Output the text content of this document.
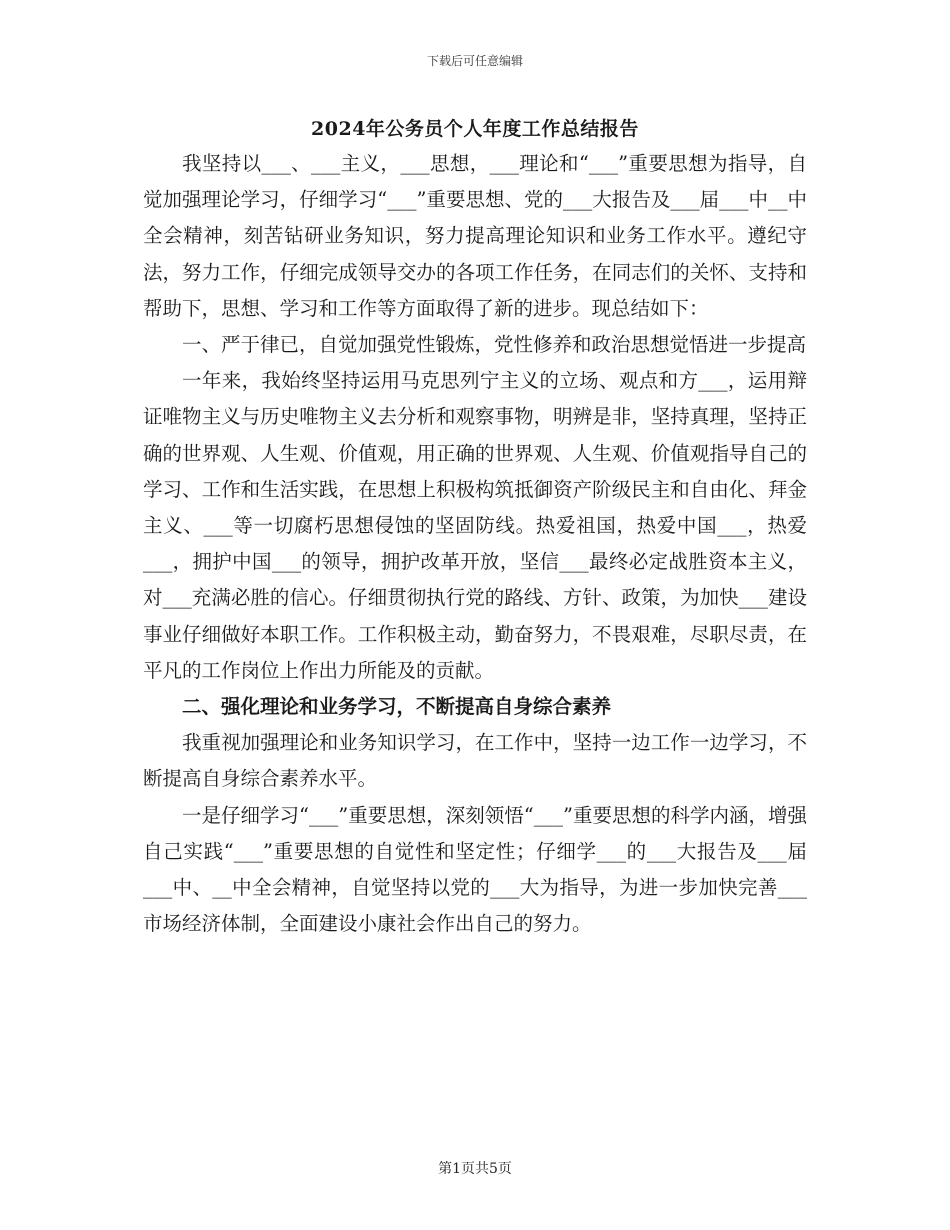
下载后可任意编辑
2024年公务员个人年度工作总结报告

我坚持以___、___主义，___思想，___理论和“___”重要思想为指导，自觉加强理论学习，仔细学习“___”重要思想、党的___大报告及___届___中__中全会精神，刻苦钻研业务知识，努力提高理论知识和业务工作水平。遵纪守法，努力工作，仔细完成领导交办的各项工作任务，在同志们的关怀、支持和帮助下，思想、学习和工作等方面取得了新的进步。现总结如下：

一、严于律已，自觉加强党性锻炼，党性修养和政治思想觉悟进一步提高

一年来，我始终坚持运用马克思列宁主义的立场、观点和方___，运用辩证唯物主义与历史唯物主义去分析和观察事物，明辨是非，坚持真理，坚持正确的世界观、人生观、价值观，用正确的世界观、人生观、价值观指导自己的学习、工作和生活实践，在思想上积极构筑抵御资产阶级民主和自由化、拜金主义、___等一切腐朽思想侵蚀的坚固防线。热爱祖国，热爱中国___，热爱___，拥护中国___的领导，拥护改革开放，坚信___最终必定战胜资本主义，对___充满必胜的信心。仔细贯彻执行党的路线、方针、政策，为加快___建设事业仔细做好本职工作。工作积极主动，勤奋努力，不畏艰难，尽职尽责，在平凡的工作岗位上作出力所能及的贡献。

二、强化理论和业务学习，不断提高自身综合素养

我重视加强理论和业务知识学习，在工作中，坚持一边工作一边学习，不断提高自身综合素养水平。

一是仔细学习“___”重要思想，深刻领悟“___”重要思想的科学内涵，增强自己实践“___”重要思想的自觉性和坚定性；仔细学___的___大报告及___届___中、__中全会精神，自觉坚持以党的___大为指导，为进一步加快完善___市场经济体制，全面建设小康社会作出自己的努力。

第1页共5页
